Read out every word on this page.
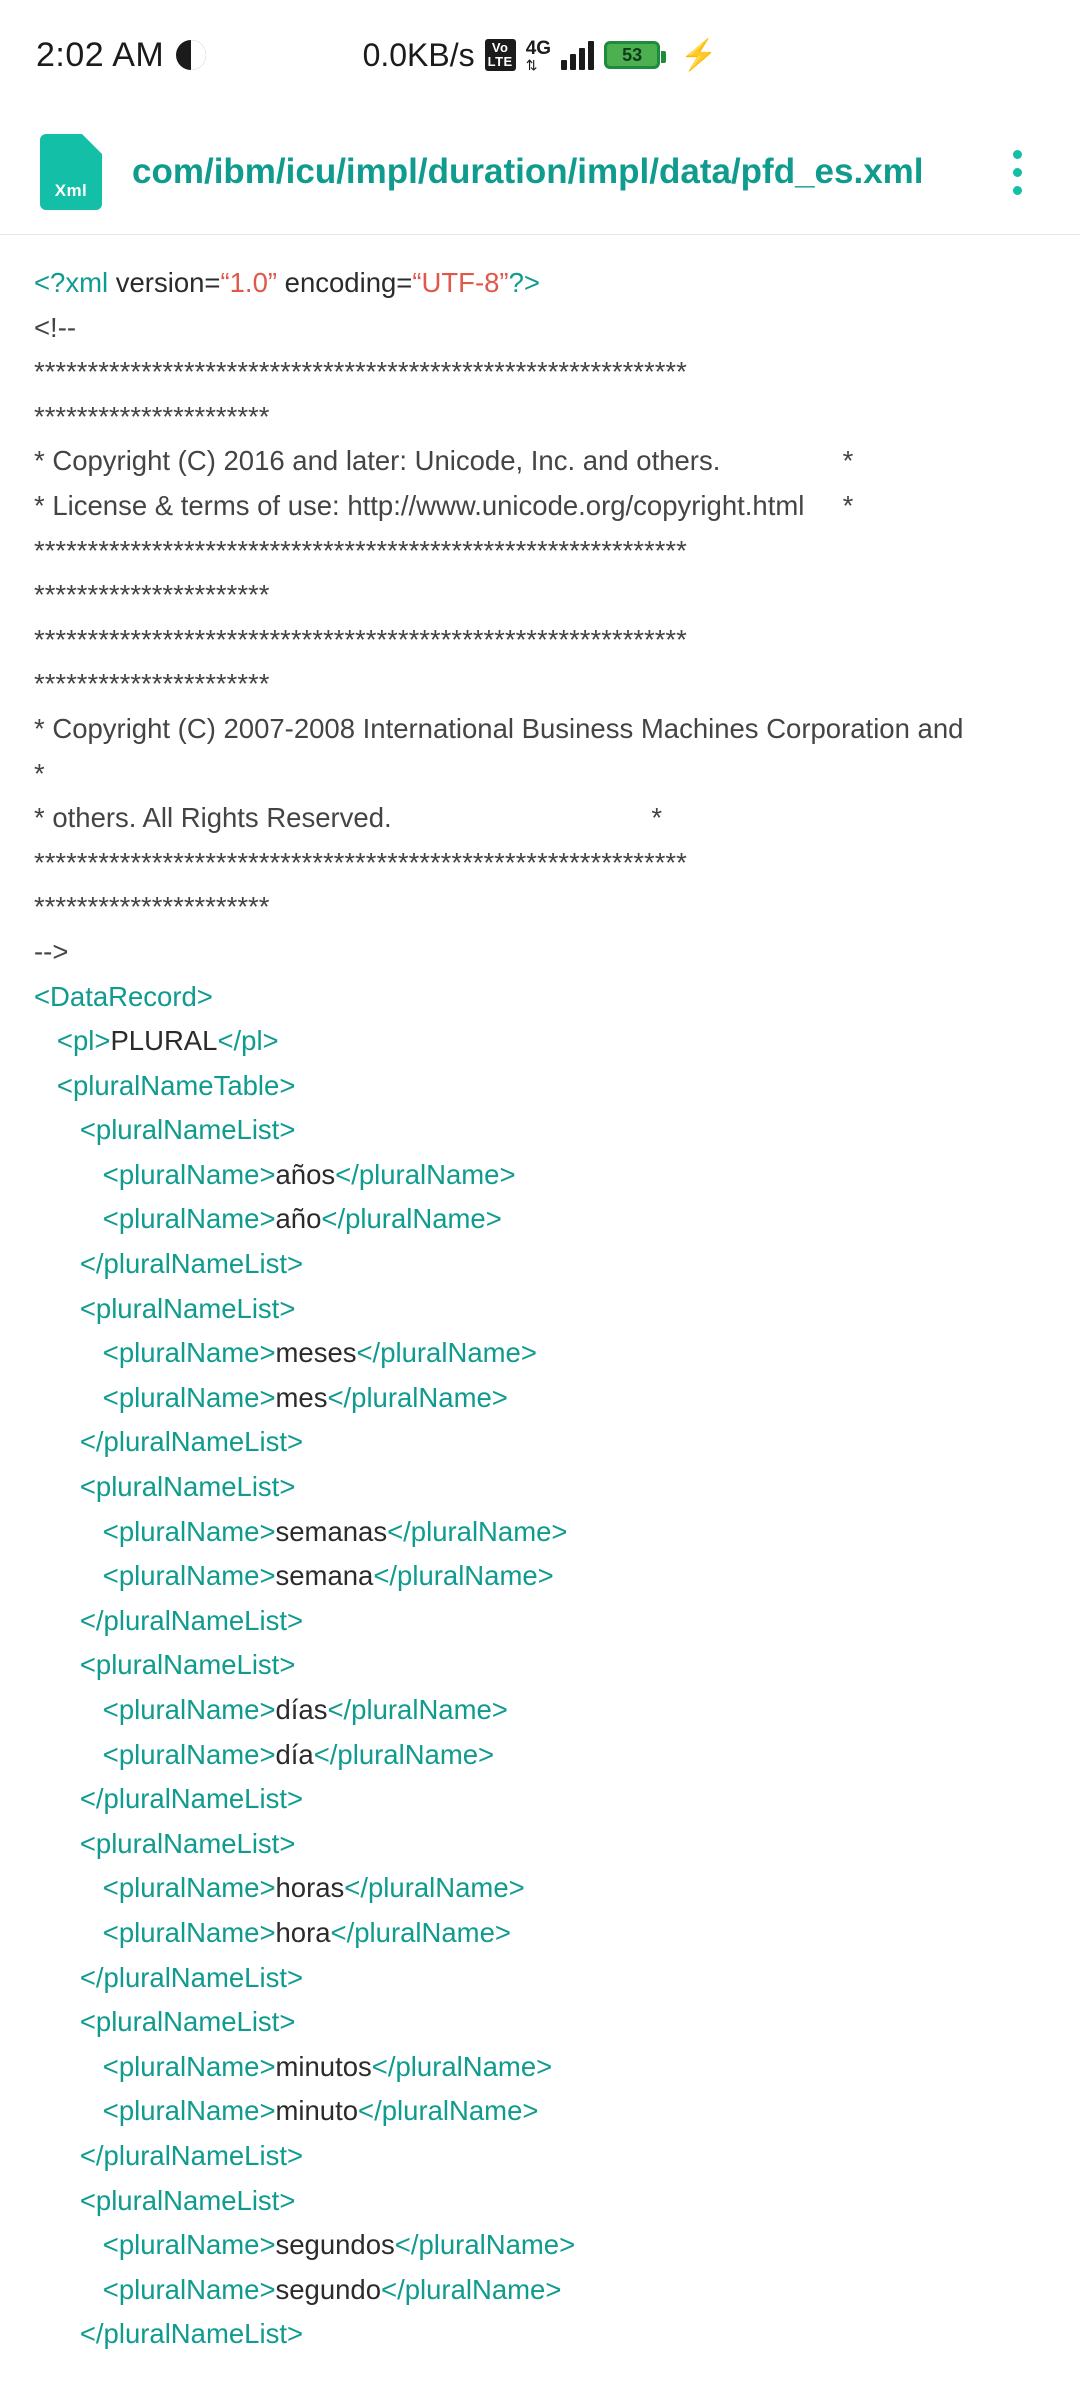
2:02 AM	0.0KB/s	Vo
LTE
4G
⇅	53 ⚡
Xml	com/ibm/icu/impl/duration/impl/data/pfd_es.xml
<?xml version=“1.0” encoding=“UTF-8”?>
<!--
*************************************************************
**********************
* Copyright (C) 2016 and later: Unicode, Inc. and others.                *
* License & terms of use: http://www.unicode.org/copyright.html     *
*************************************************************
**********************
*************************************************************
**********************
* Copyright (C) 2007-2008 International Business Machines Corporation and
*
* others. All Rights Reserved.                                  *
*************************************************************
**********************
-->
<DataRecord>
<pl>PLURAL</pl>
<pluralNameTable>
<pluralNameList>
<pluralName>años</pluralName>
<pluralName>año</pluralName>
</pluralNameList>
<pluralNameList>
<pluralName>meses</pluralName>
<pluralName>mes</pluralName>
</pluralNameList>
<pluralNameList>
<pluralName>semanas</pluralName>
<pluralName>semana</pluralName>
</pluralNameList>
<pluralNameList>
<pluralName>días</pluralName>
<pluralName>día</pluralName>
</pluralNameList>
<pluralNameList>
<pluralName>horas</pluralName>
<pluralName>hora</pluralName>
</pluralNameList>
<pluralNameList>
<pluralName>minutos</pluralName>
<pluralName>minuto</pluralName>
</pluralNameList>
<pluralNameList>
<pluralName>segundos</pluralName>
<pluralName>segundo</pluralName>
</pluralNameList>
